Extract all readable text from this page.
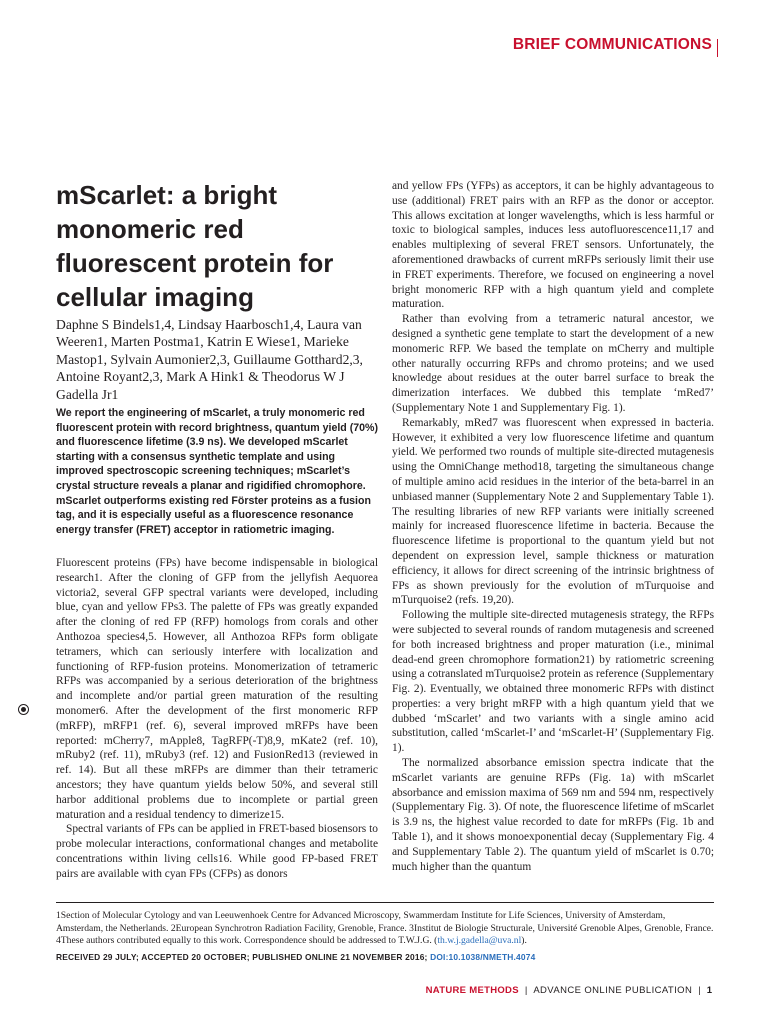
BRIEF COMMUNICATIONS
mScarlet: a bright monomeric red fluorescent protein for cellular imaging
Daphne S Bindels1,4, Lindsay Haarbosch1,4, Laura van Weeren1, Marten Postma1, Katrin E Wiese1, Marieke Mastop1, Sylvain Aumonier2,3, Guillaume Gotthard2,3, Antoine Royant2,3, Mark A Hink1 & Theodorus W J Gadella Jr1
We report the engineering of mScarlet, a truly monomeric red fluorescent protein with record brightness, quantum yield (70%) and fluorescence lifetime (3.9 ns). We developed mScarlet starting with a consensus synthetic template and using improved spectroscopic screening techniques; mScarlet’s crystal structure reveals a planar and rigidified chromophore. mScarlet outperforms existing red Förster proteins as a fusion tag, and it is especially useful as a fluorescence resonance energy transfer (FRET) acceptor in ratiometric imaging.

Fluorescent proteins (FPs) have become indispensable in biological research1. After the cloning of GFP from the jellyfish Aequorea victoria2, several GFP spectral variants were developed, including blue, cyan and yellow FPs3. The palette of FPs was greatly expanded after the cloning of red FP (RFP) homologs from corals and other Anthozoa species4,5. However, all Anthozoa RFPs form obligate tetramers, which can seriously interfere with localization and functioning of RFP-fusion proteins. Monomerization of tetrameric RFPs was accompanied by a serious deterioration of the brightness and incomplete and/or partial green maturation of the resulting monomer6. After the development of the first monomeric RFP (mRFP), mRFP1 (ref. 6), several improved mRFPs have been reported: mCherry7, mApple8, TagRFP(-T)8,9, mKate2 (ref. 10), mRuby2 (ref. 11), mRuby3 (ref. 12) and FusionRed13 (reviewed in ref. 14). But all these mRFPs are dimmer than their tetrameric ancestors; they have quantum yields below 50%, and several still harbor additional problems due to incomplete or partial green maturation and a residual tendency to dimerize15.

Spectral variants of FPs can be applied in FRET-based biosensors to probe molecular interactions, conformational changes and metabolite concentrations within living cells16. While good FP-based FRET pairs are available with cyan FPs (CFPs) as donors

and yellow FPs (YFPs) as acceptors, it can be highly advantageous to use (additional) FRET pairs with an RFP as the donor or acceptor. This allows excitation at longer wavelengths, which is less harmful or toxic to biological samples, induces less autofluorescence11,17 and enables multiplexing of several FRET sensors. Unfortunately, the aforementioned drawbacks of current mRFPs seriously limit their use in FRET experiments. Therefore, we focused on engineering a novel bright monomeric RFP with a high quantum yield and complete maturation.

Rather than evolving from a tetrameric natural ancestor, we designed a synthetic gene template to start the development of a new monomeric RFP. We based the template on mCherry and multiple other naturally occurring RFPs and chromo proteins; and we used knowledge about residues at the outer barrel surface to break the dimerization interfaces. We dubbed this template ‘mRed7’ (Supplementary Note 1 and Supplementary Fig. 1).

Remarkably, mRed7 was fluorescent when expressed in bacteria. However, it exhibited a very low fluorescence lifetime and quantum yield. We performed two rounds of multiple site-directed mutagenesis using the OmniChange method18, targeting the simultaneous change of multiple amino acid residues in the interior of the beta-barrel in an unbiased manner (Supplementary Note 2 and Supplementary Table 1). The resulting libraries of new RFP variants were initially screened mainly for increased fluorescence lifetime in bacteria. Because the fluorescence lifetime is proportional to the quantum yield but not dependent on expression level, sample thickness or maturation efficiency, it allows for direct screening of the intrinsic brightness of FPs as shown previously for the evolution of mTurquoise and mTurquoise2 (refs. 19,20).

Following the multiple site-directed mutagenesis strategy, the RFPs were subjected to several rounds of random mutagenesis and screened for both increased brightness and proper maturation (i.e., minimal dead-end green chromophore formation21) by ratiometric screening using a cotranslated mTurquoise2 protein as reference (Supplementary Fig. 2). Eventually, we obtained three monomeric RFPs with distinct properties: a very bright mRFP with a high quantum yield that we dubbed ‘mScarlet’ and two variants with a single amino acid substitution, called ‘mScarlet-I’ and ‘mScarlet-H’ (Supplementary Fig. 1).

The normalized absorbance emission spectra indicate that the mScarlet variants are genuine RFPs (Fig. 1a) with mScarlet absorbance and emission maxima of 569 nm and 594 nm, respectively (Supplementary Fig. 3). Of note, the fluorescence lifetime of mScarlet is 3.9 ns, the highest value recorded to date for mRFPs (Fig. 1b and Table 1), and it shows monoexponential decay (Supplementary Fig. 4 and Supplementary Table 2). The quantum yield of mScarlet is 0.70; much higher than the quantum

1Section of Molecular Cytology and van Leeuwenhoek Centre for Advanced Microscopy, Swammerdam Institute for Life Sciences, University of Amsterdam, Amsterdam, the Netherlands. 2European Synchrotron Radiation Facility, Grenoble, France. 3Institut de Biologie Structurale, Université Grenoble Alpes, Grenoble, France. 4These authors contributed equally to this work. Correspondence should be addressed to T.W.J.G. (th.w.j.gadella@uva.nl).
RECEIVED 29 JULY; ACCEPTED 20 OCTOBER; PUBLISHED ONLINE 21 NOVEMBER 2016; DOI:10.1038/NMETH.4074
NATURE METHODS | ADVANCE ONLINE PUBLICATION | 1
